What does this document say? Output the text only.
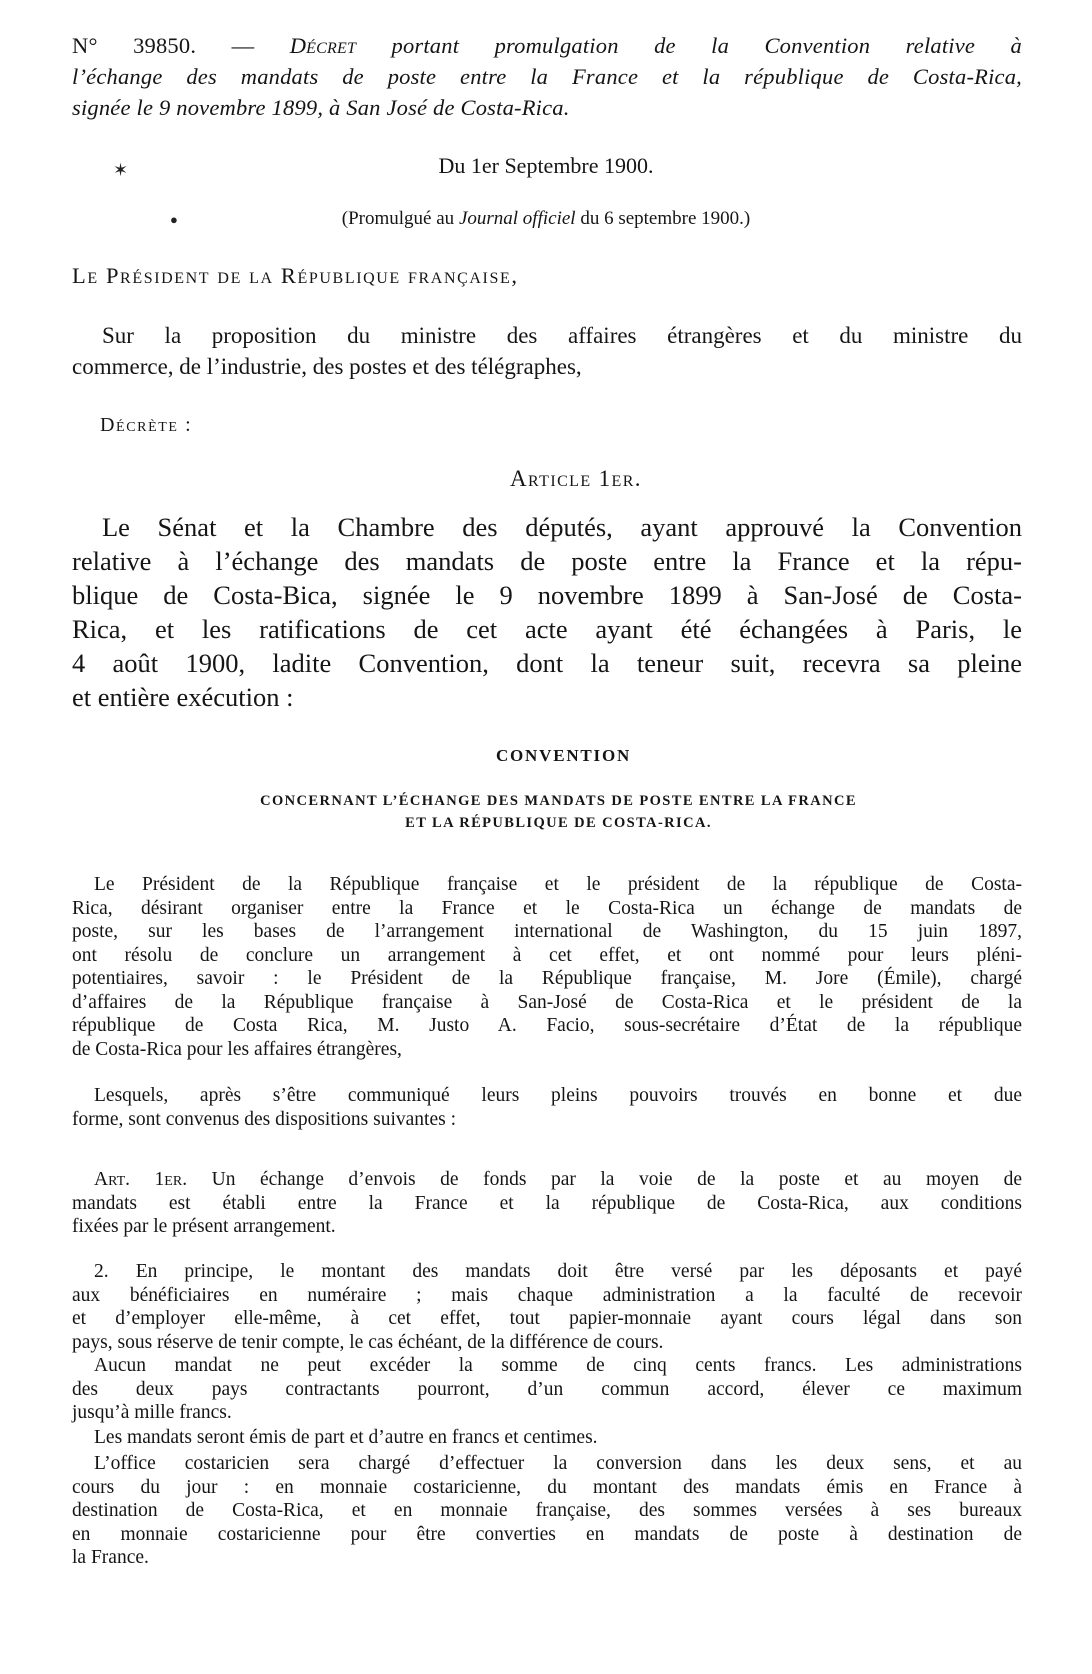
N° 39850. — Décret portant promulgation de la Convention relative à
l’échange des mandats de poste entre la France et la république de Costa-Rica,
signée le 9 novembre 1899, à San José de Costa-Rica.
Du 1er Septembre 1900.
(Promulgué au Journal officiel du 6 septembre 1900.)
Le Président de la République française,
Sur la proposition du ministre des affaires étrangères et du ministre du
commerce, de l’industrie, des postes et des télégraphes,
Décrète :
Article 1er.
Le Sénat et la Chambre des députés, ayant approuvé la Convention
relative à l’échange des mandats de poste entre la France et la répu-
blique de Costa-Bica, signée le 9 novembre 1899 à San-José de Costa-
Rica, et les ratifications de cet acte ayant été échangées à Paris, le
4 août 1900, ladite Convention, dont la teneur suit, recevra sa pleine
et entière exécution :
CONVENTION
CONCERNANT L’ÉCHANGE DES MANDATS DE POSTE ENTRE LA FRANCE
ET LA RÉPUBLIQUE DE COSTA-RICA.
Le Président de la République française et le président de la république de Costa-
Rica, désirant organiser entre la France et le Costa-Rica un échange de mandats de
poste, sur les bases de l’arrangement international de Washington, du 15 juin 1897,
ont résolu de conclure un arrangement à cet effet, et ont nommé pour leurs pléni-
potentiaires, savoir : le Président de la République française, M. Jore (Émile), chargé
d’affaires de la République française à San-José de Costa-Rica et le président de la
république de Costa Rica, M. Justo A. Facio, sous-secrétaire d’État de la république
de Costa-Rica pour les affaires étrangères,
Lesquels, après s’être communiqué leurs pleins pouvoirs trouvés en bonne et due
forme, sont convenus des dispositions suivantes :
Art. 1er. Un échange d’envois de fonds par la voie de la poste et au moyen de
mandats est établi entre la France et la république de Costa-Rica, aux conditions
fixées par le présent arrangement.
2. En principe, le montant des mandats doit être versé par les déposants et payé
aux bénéficiaires en numéraire ; mais chaque administration a la faculté de recevoir
et d’employer elle-même, à cet effet, tout papier-monnaie ayant cours légal dans son
pays, sous réserve de tenir compte, le cas échéant, de la différence de cours.
Aucun mandat ne peut excéder la somme de cinq cents francs. Les administrations
des deux pays contractants pourront, d’un commun accord, élever ce maximum
jusqu’à mille francs.
Les mandats seront émis de part et d’autre en francs et centimes.
L’office costaricien sera chargé d’effectuer la conversion dans les deux sens, et au
cours du jour : en monnaie costaricienne, du montant des mandats émis en France à
destination de Costa-Rica, et en monnaie française, des sommes versées à ses bureaux
en monnaie costaricienne pour être converties en mandats de poste à destination de
la France.
✶
●
